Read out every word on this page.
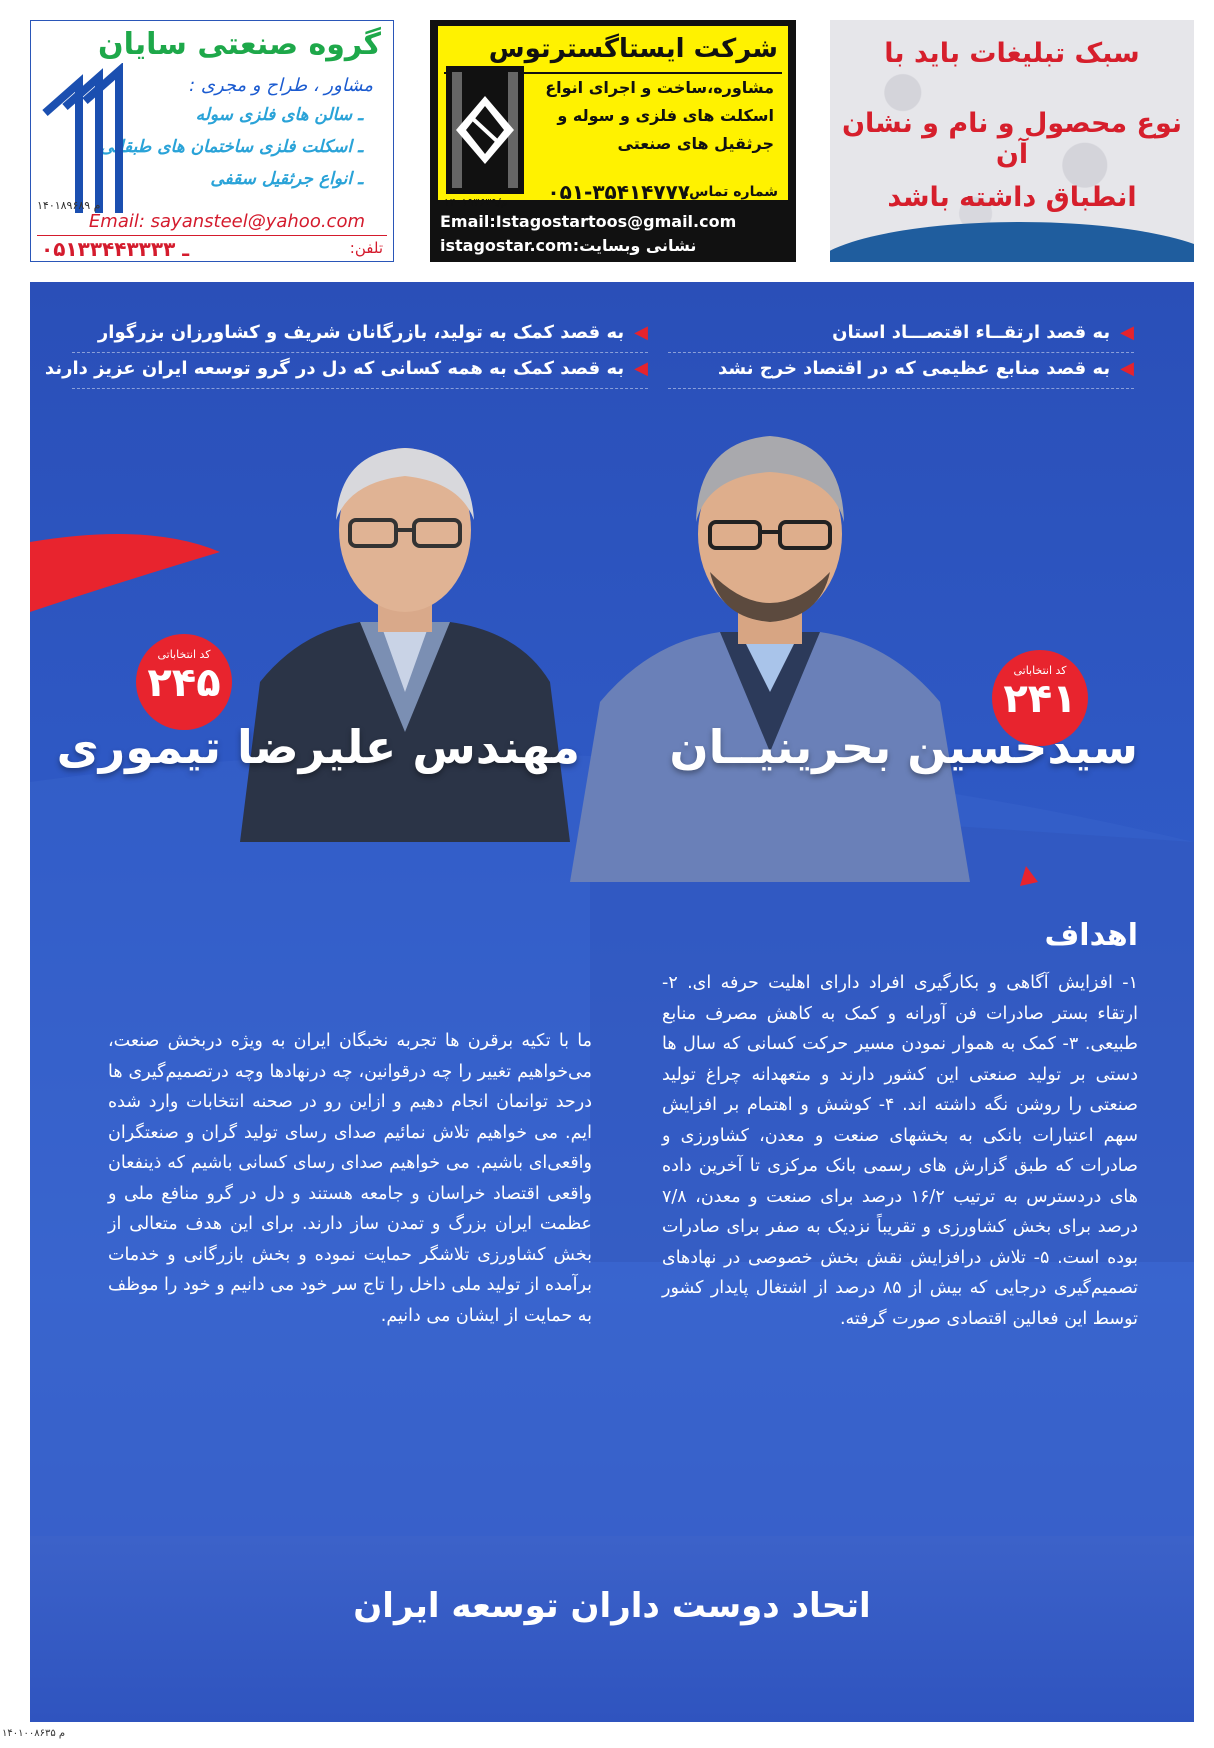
گروه صنعتی سایان
مشاور ، طراح و مجری :
ـ سالن های فلزی سوله
ـ اسکلت فلزی ساختمان های طبقاتی
ـ انواع جرثقیل سقفی
۱۴۰۱۸۹۶۸۹ م
Email: sayansteel@yahoo.com
تلفن:
۰۵۱ـ ۳۳۴۴۳۳۳۳
شرکت ایستاگسترتوس
مشاوره،ساخت و اجرای انواع
اسکلت های فلزی و سوله و
جرثقیل های صنعتی
شماره تماس:
۰۵۱-۳۵۴۱۴۷۷۷
۱۴۰۱۹۳۶۳۹/م
Email:Istagostartoos@gmail.com
نشانی وبسایت:istagostar.com
سبک تبلیغات باید با
نوع محصول و نام و نشان آن
انطباق داشته باشد
◀به قصد ارتقــاء اقتصـــاد استان
◀به قصد منابع عظیمی که در اقتصاد خرج نشد
◀به قصد کمک به تولید، بازرگانان شریف و کشاورزان بزرگوار
◀به قصد کمک به همه کسانی که دل در گرو توسعه ایران عزیز دارند
کد انتخاباتی
۲۴۵	کد انتخاباتی
۲۴۱
مهندس علیرضا تیموری سیدحسین بحرینیــان
اهداف
۱- افزایش آگاهی و بکارگیری افراد دارای اهلیت حرفه ای. ۲- ارتقاء بستر صادرات فن آورانه و کمک به کاهش مصرف منابع طبیعی. ۳- کمک به هموار نمودن مسیر حرکت کسانی که سال ها دستی بر تولید صنعتی این کشور دارند و متعهدانه چراغ تولید صنعتی را روشن نگه داشته اند. ۴- کوشش و اهتمام بر افزایش سهم اعتبارات بانکی به بخشهای صنعت و معدن، کشاورزی و صادرات که طبق گزارش های رسمی بانک مرکزی تا آخرین داده های دردسترس به ترتیب ۱۶/۲ درصد برای صنعت و معدن، ۷/۸ درصد برای بخش کشاورزی و تقریباً نزدیک به صفر برای صادرات بوده است. ۵- تلاش درافزایش نقش بخش خصوصی در نهادهای تصمیم‌گیری درجایی که بیش از ۸۵ درصد از اشتغال پایدار کشور توسط این فعالین اقتصادی صورت گرفته.
ما با تکیه برقرن ها تجربه نخبگان ایران به ویژه دربخش صنعت، می‌خواهیم تغییر را چه درقوانین، چه درنهادها وچه درتصمیم‌گیری ها درحد توانمان انجام دهیم و ازاین رو در صحنه انتخابات وارد شده ایم. می خواهیم تلاش نمائیم صدای رسای تولید گران و صنعتگران واقعی‌ای باشیم. می خواهیم صدای رسای کسانی باشیم که ذینفعان واقعی اقتصاد خراسان و جامعه هستند و دل در گرو منافع ملی و عظمت ایران بزرگ و تمدن ساز دارند. برای این هدف متعالی از بخش کشاورزی تلاشگر حمایت نموده و بخش بازرگانی و خدمات برآمده از تولید ملی داخل را تاج سر خود می دانیم و خود را موظف به حمایت از ایشان می دانیم.
اتحاد دوست داران توسعه ایران
۱۴۰۱۰۰۸۶۳۵ م
